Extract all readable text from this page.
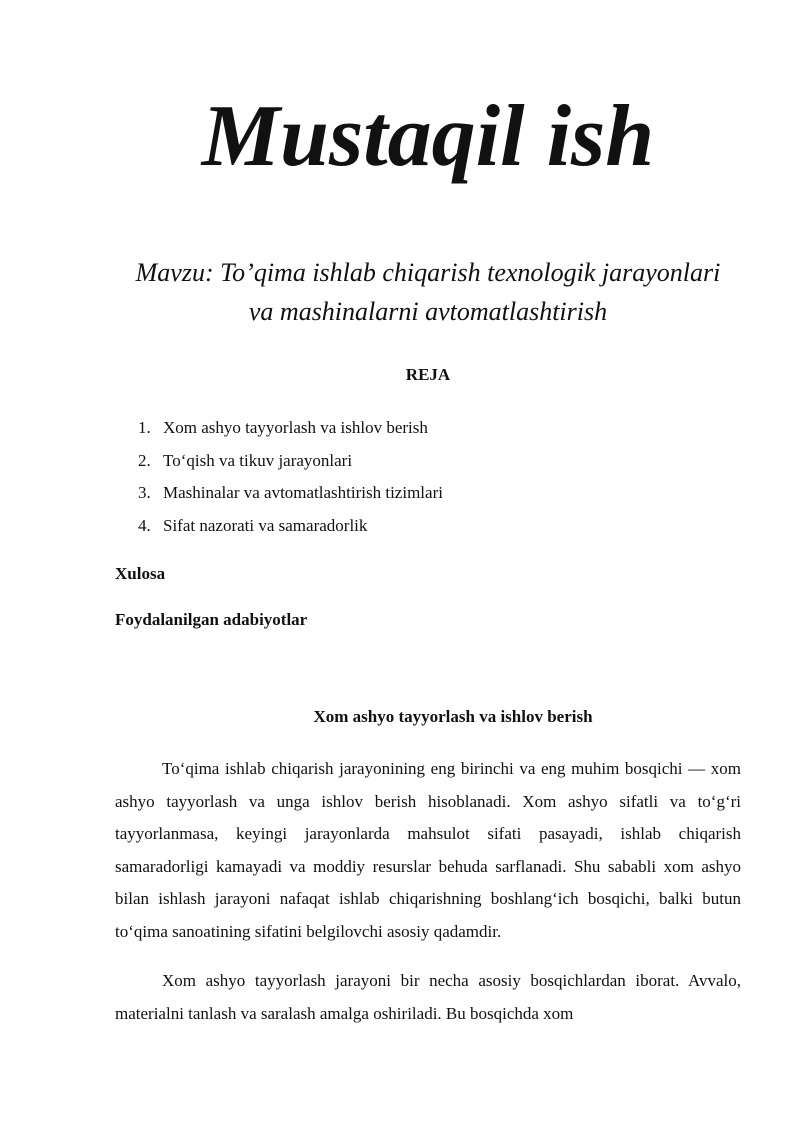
Mustaqil ish

Mavzu: To’qima ishlab chiqarish texnologik jarayonlari
va mashinalarni avtomatlashtirish

REJA
1. Xom ashyo tayyorlash va ishlov berish
2. To‘qish va tikuv jarayonlari
3. Mashinalar va avtomatlashtirish tizimlari
4. Sifat nazorati va samaradorlik
Xulosa
Foydalanilgan adabiyotlar
Xom ashyo tayyorlash va ishlov berish

To‘qima ishlab chiqarish jarayonining eng birinchi va eng muhim bosqichi — xom ashyo tayyorlash va unga ishlov berish hisoblanadi. Xom ashyo sifatli va to‘g‘ri tayyorlanmasa, keyingi jarayonlarda mahsulot sifati pasayadi, ishlab chiqarish samaradorligi kamayadi va moddiy resurslar behuda sarflanadi. Shu sababli xom ashyo bilan ishlash jarayoni nafaqat ishlab chiqarishning boshlang‘ich bosqichi, balki butun to‘qima sanoatining sifatini belgilovchi asosiy qadamdir.

Xom ashyo tayyorlash jarayoni bir necha asosiy bosqichlardan iborat. Avvalo, materialni tanlash va saralash amalga oshiriladi. Bu bosqichda xom
